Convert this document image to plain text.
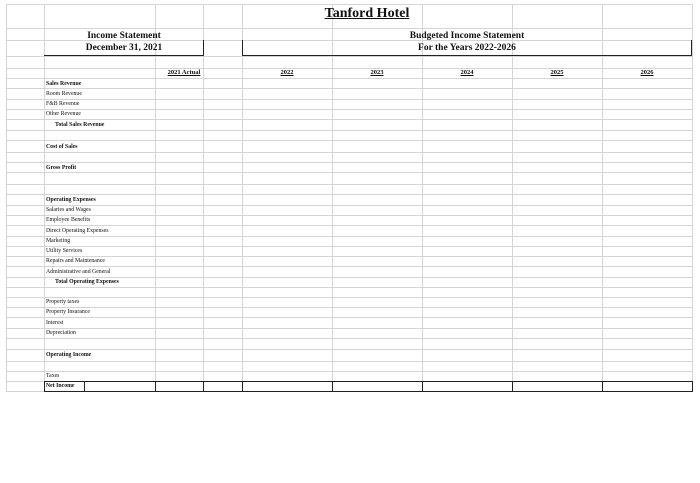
Tanford Hotel
Income Statement
December 31, 2021
Budgeted Income Statement
For the Years 2022-2026
2021 Actual	2022	2023	2024	2025	2026
Sales Revenue
Room Revenue
F&B Revenue
Other Revenue
Total Sales Revenue
Cost of Sales
Gross Profit
Operating Expenses
Salaries and Wages
Employee Benefits
Direct Operating Expenses
Marketing
Utility Services
Repairs and Maintenance
Administrative and General
Total Operating Expenses
Property taxes
Property Insurance
Interest
Depreciation
Operating Income
Taxes
Net Income
